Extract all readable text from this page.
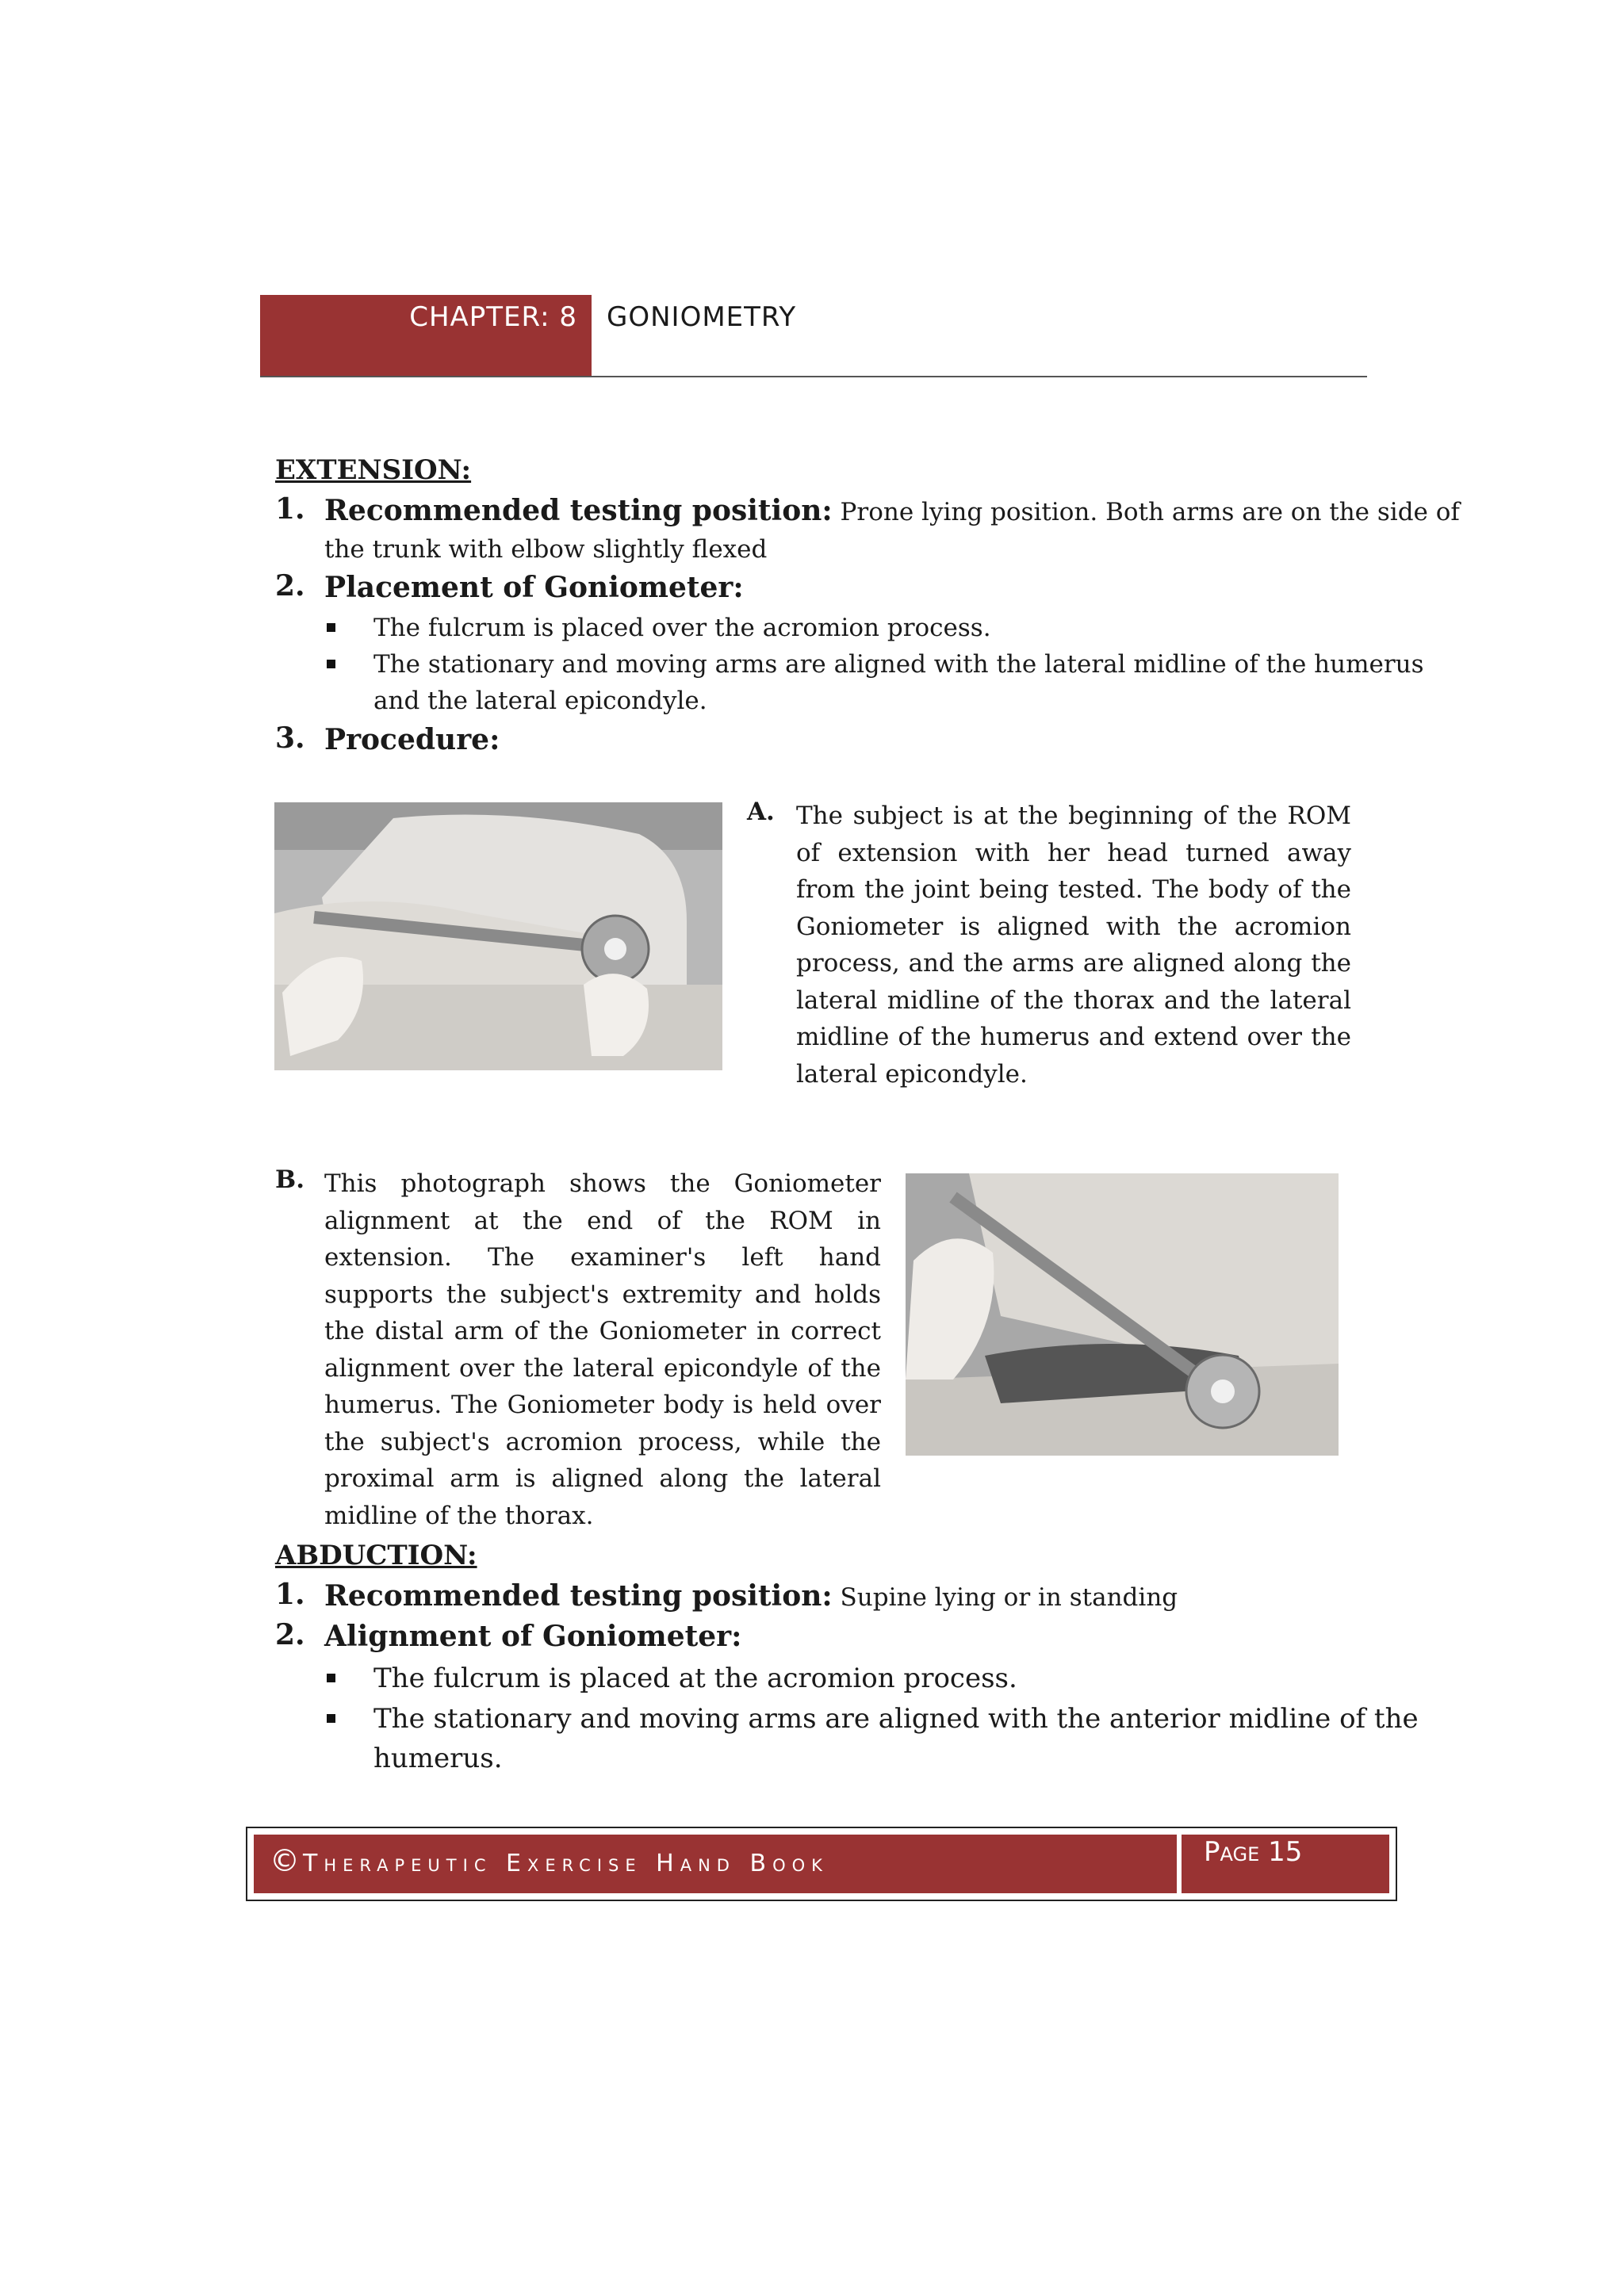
CHAPTER: 8 GONIOMETRY
EXTENSION:
1. Recommended testing position: Prone lying position. Both arms are on the side of
the trunk with elbow slightly flexed
2. Placement of Goniometer:
The fulcrum is placed over the acromion process.
The stationary and moving arms are aligned with the lateral midline of the humerus
and the lateral epicondyle.
3. Procedure:
A. The subject is at the beginning of the ROM of extension with her head turned away from the joint being tested. The body of the Goniometer is aligned with the acromion process, and the arms are aligned along the lateral midline of the thorax and the lateral midline of the humerus and extend over the lateral epicondyle.
B. This photograph shows the Goniometer alignment at the end of the ROM in extension. The examiner's left hand supports the subject's extremity and holds the distal arm of the Goniometer in correct alignment over the lateral epicondyle of the humerus. The Goniometer body is held over the subject's acromion process, while the proximal arm is aligned along the lateral midline of the thorax.
ABDUCTION:
1. Recommended testing position: Supine lying or in standing
2. Alignment of Goniometer:
The fulcrum is placed at the acromion process.
The stationary and moving arms are aligned with the anterior midline of the
humerus.
©Therapeutic Exercise Hand Book	Page 15
